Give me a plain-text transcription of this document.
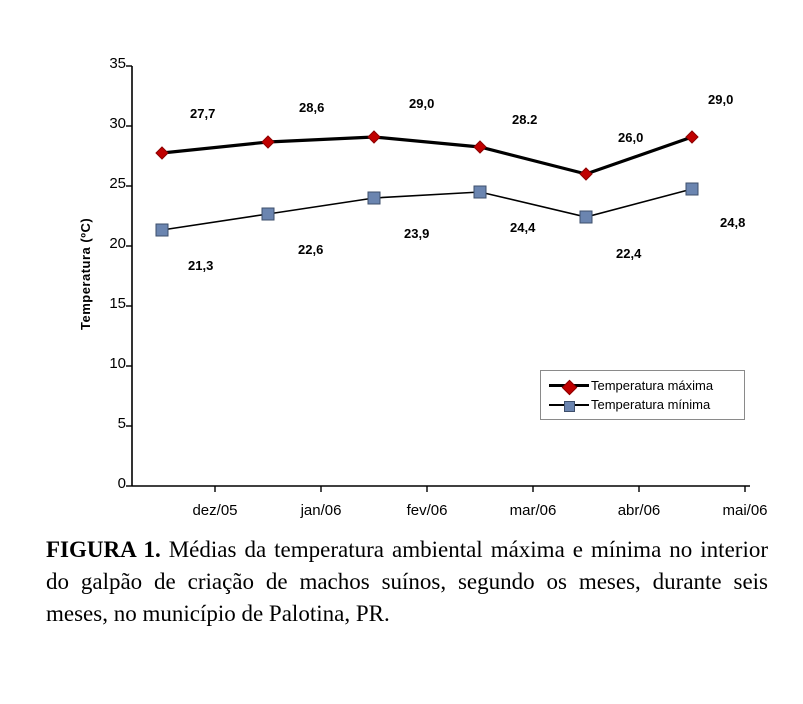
Temperatura (ºC)
35
30
25
20
15
10
5
0
dez/05	jan/06	fev/06	mar/06	abr/06	mai/06
27,7	28,6	29,0
28.2
26,0
29,0
21,3
22,6
23,9	24,4
22,4
24,8
Temperatura máxima
Temperatura mínima
FIGURA 1. Médias da temperatura ambiental máxima e mínima no interior do galpão de criação de machos suínos, segundo os meses, durante seis meses, no município de Palotina, PR.
